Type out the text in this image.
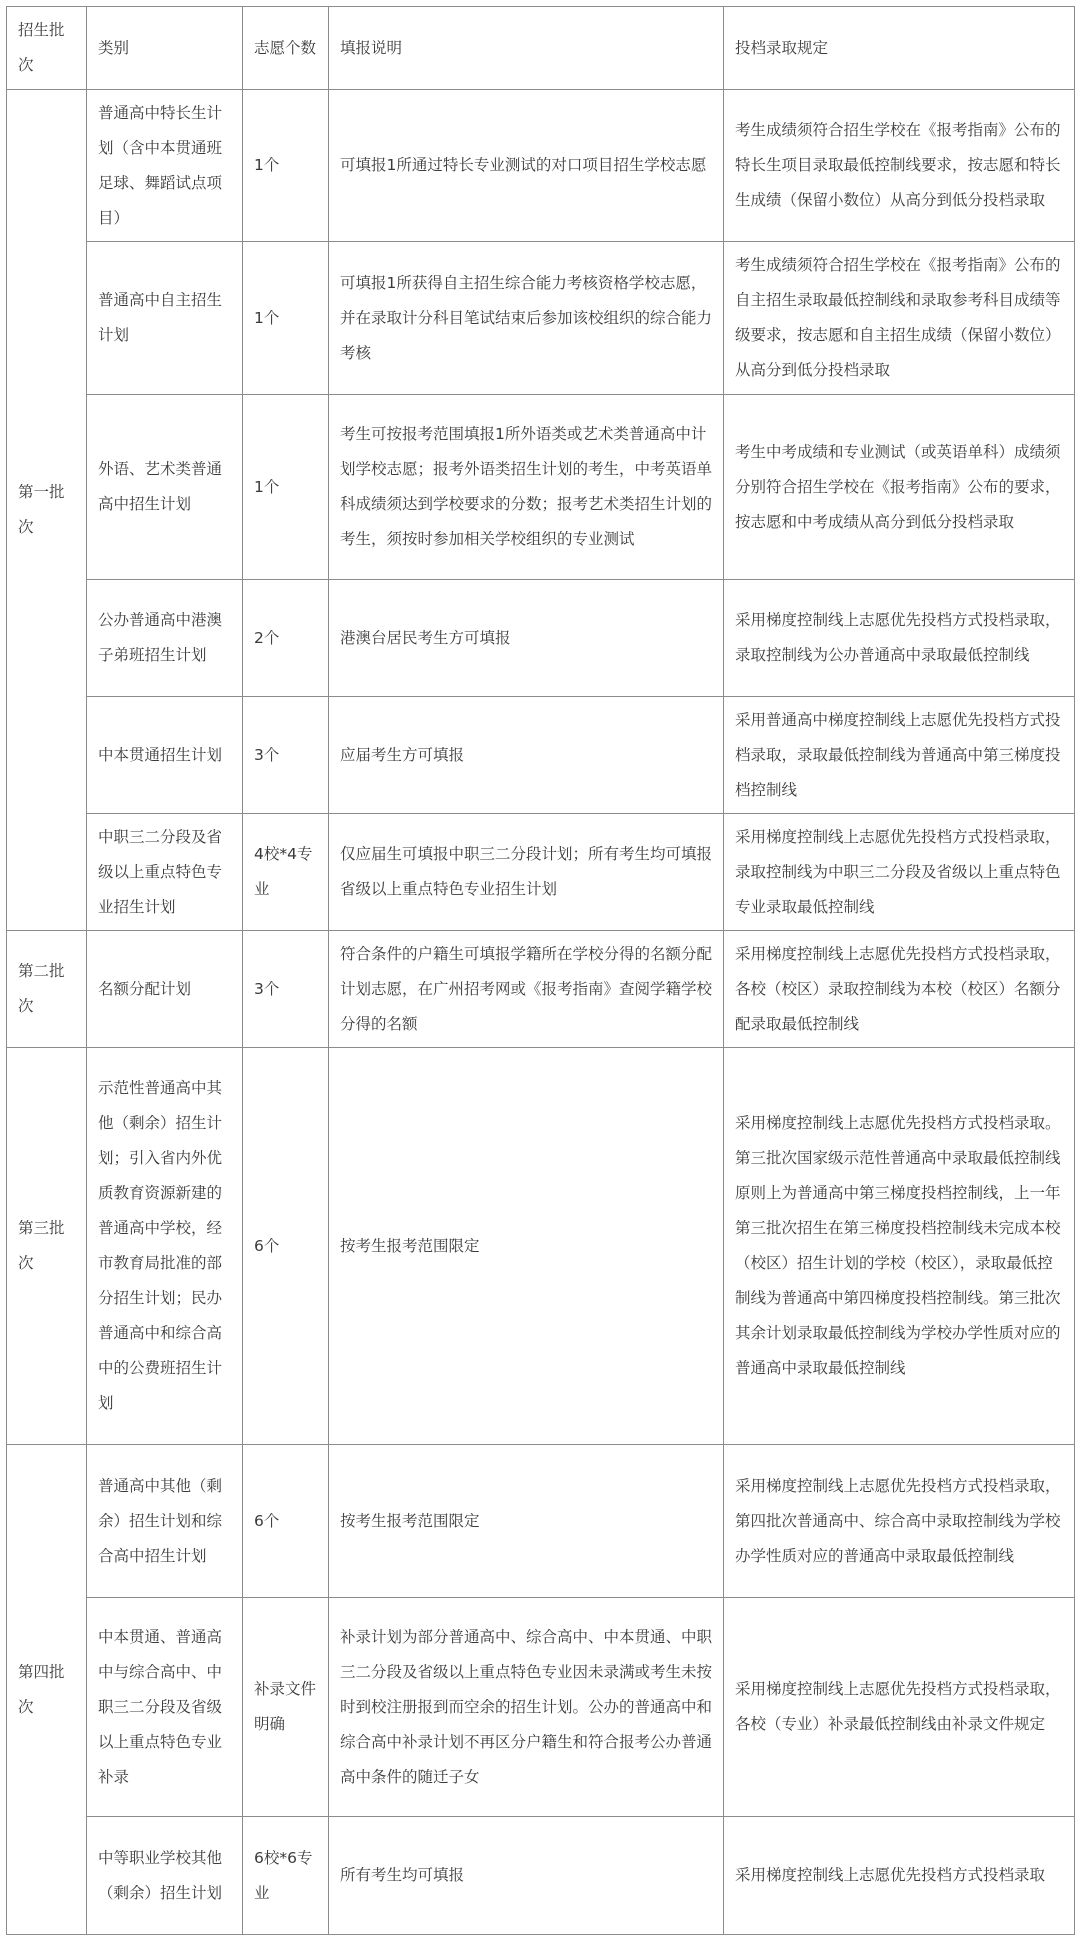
招生批次	类别	志愿个数	填报说明	投档录取规定
第一批次	普通高中特长生计划（含中本贯通班足球、舞蹈试点项目）	1个	可填报1所通过特长专业测试的对口项目招生学校志愿	考生成绩须符合招生学校在《报考指南》公布的特长生项目录取最低控制线要求，按志愿和特长生成绩（保留小数位）从高分到低分投档录取
	普通高中自主招生计划	1个	可填报1所获得自主招生综合能力考核资格学校志愿，并在录取计分科目笔试结束后参加该校组织的综合能力考核	考生成绩须符合招生学校在《报考指南》公布的自主招生录取最低控制线和录取参考科目成绩等级要求，按志愿和自主招生成绩（保留小数位）从高分到低分投档录取
	外语、艺术类普通高中招生计划	1个	考生可按报考范围填报1所外语类或艺术类普通高中计划学校志愿；报考外语类招生计划的考生，中考英语单科成绩须达到学校要求的分数；报考艺术类招生计划的考生，须按时参加相关学校组织的专业测试	考生中考成绩和专业测试（或英语单科）成绩须分别符合招生学校在《报考指南》公布的要求，按志愿和中考成绩从高分到低分投档录取
	公办普通高中港澳子弟班招生计划	2个	港澳台居民考生方可填报	采用梯度控制线上志愿优先投档方式投档录取，录取控制线为公办普通高中录取最低控制线
	中本贯通招生计划	3个	应届考生方可填报	采用普通高中梯度控制线上志愿优先投档方式投档录取，录取最低控制线为普通高中第三梯度投档控制线
	中职三二分段及省级以上重点特色专业招生计划	4校*4专业	仅应届生可填报中职三二分段计划；所有考生均可填报省级以上重点特色专业招生计划	采用梯度控制线上志愿优先投档方式投档录取，录取控制线为中职三二分段及省级以上重点特色专业录取最低控制线
第二批次	名额分配计划	3个	符合条件的户籍生可填报学籍所在学校分得的名额分配计划志愿，在广州招考网或《报考指南》查阅学籍学校分得的名额	采用梯度控制线上志愿优先投档方式投档录取，各校（校区）录取控制线为本校（校区）名额分配录取最低控制线
第三批次	示范性普通高中其他（剩余）招生计划；引入省内外优质教育资源新建的普通高中学校，经市教育局批准的部分招生计划；民办普通高中和综合高中的公费班招生计划	6个	按考生报考范围限定	采用梯度控制线上志愿优先投档方式投档录取。第三批次国家级示范性普通高中录取最低控制线原则上为普通高中第三梯度投档控制线，上一年第三批次招生在第三梯度投档控制线未完成本校（校区）招生计划的学校（校区），录取最低控制线为普通高中第四梯度投档控制线。第三批次其余计划录取最低控制线为学校办学性质对应的普通高中录取最低控制线
第四批次	普通高中其他（剩余）招生计划和综合高中招生计划	6个	按考生报考范围限定	采用梯度控制线上志愿优先投档方式投档录取，第四批次普通高中、综合高中录取控制线为学校办学性质对应的普通高中录取最低控制线
	中本贯通、普通高中与综合高中、中职三二分段及省级以上重点特色专业补录	补录文件明确	补录计划为部分普通高中、综合高中、中本贯通、中职三二分段及省级以上重点特色专业因未录满或考生未按时到校注册报到而空余的招生计划。公办的普通高中和综合高中补录计划不再区分户籍生和符合报考公办普通高中条件的随迁子女	采用梯度控制线上志愿优先投档方式投档录取，各校（专业）补录最低控制线由补录文件规定
	中等职业学校其他（剩余）招生计划	6校*6专业	所有考生均可填报	采用梯度控制线上志愿优先投档方式投档录取
